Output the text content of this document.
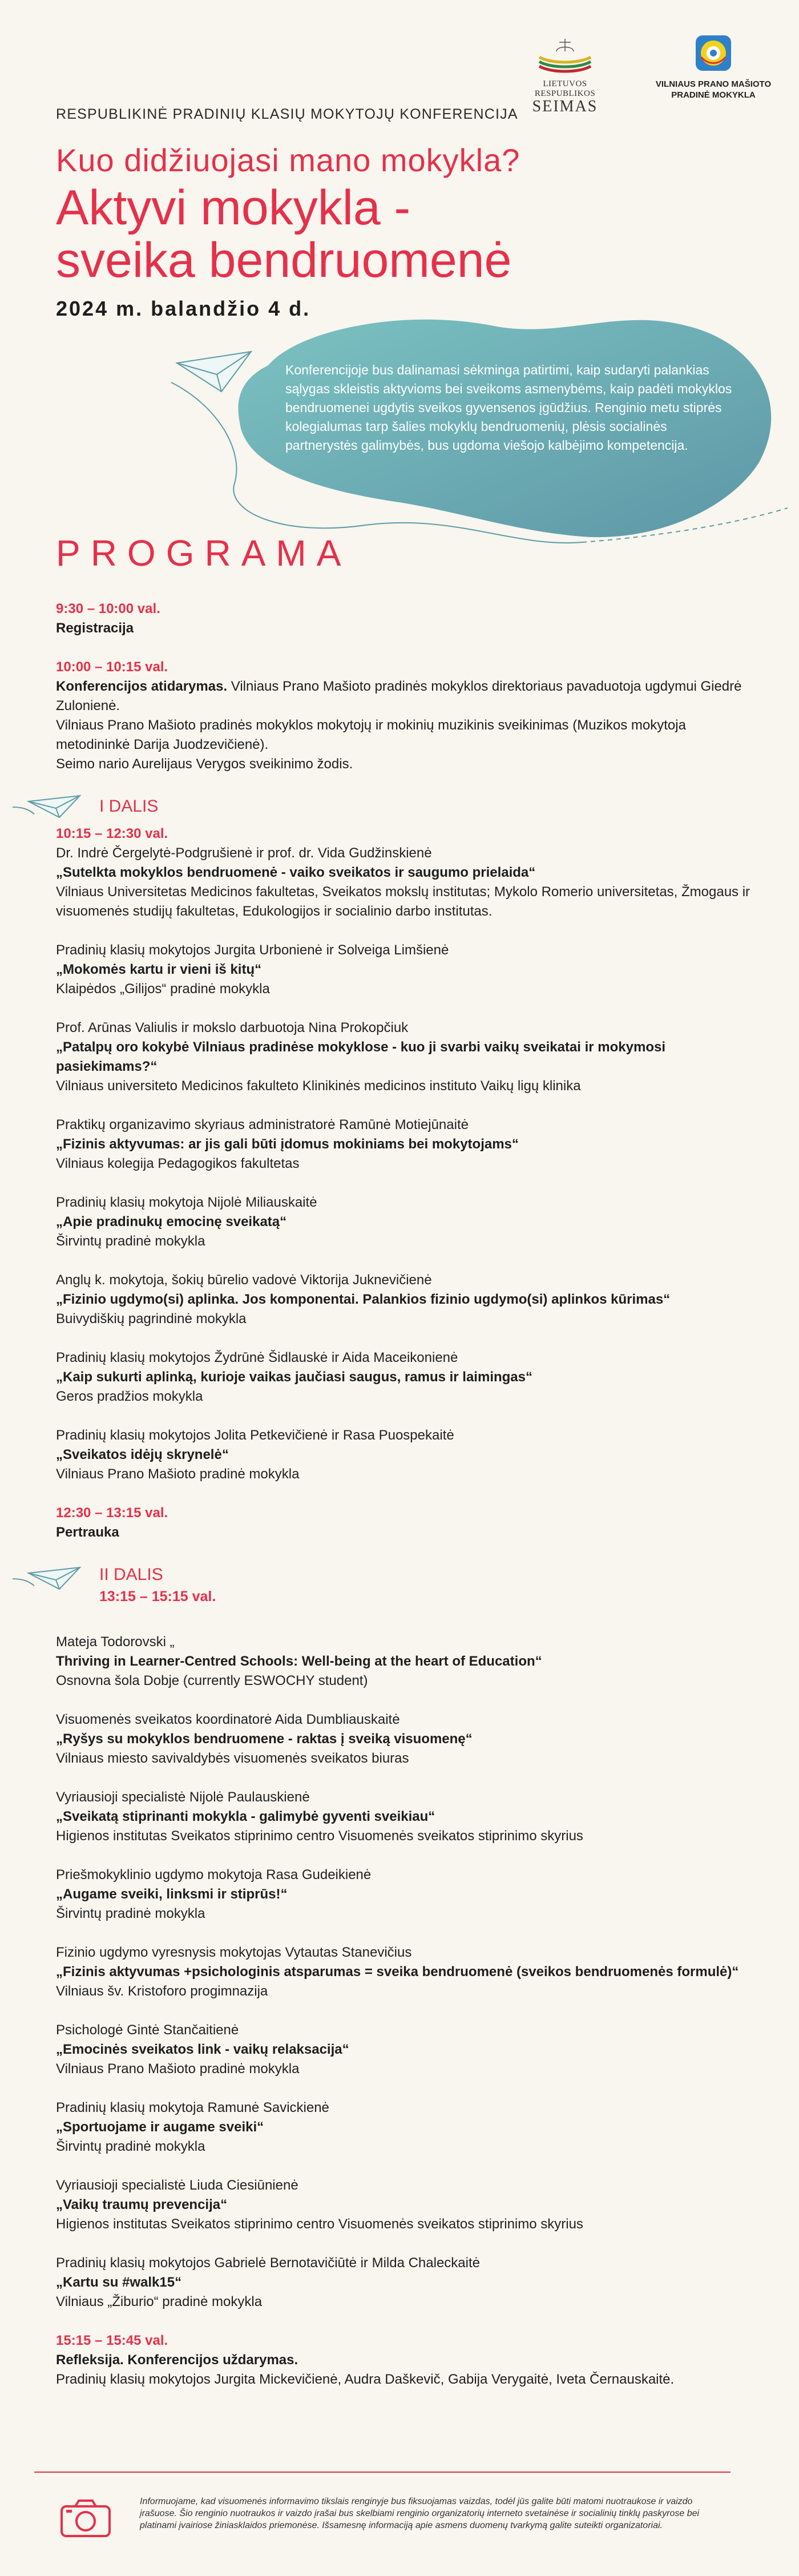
RESPUBLIKINĖ PRADINIŲ KLASIŲ MOKYTOJŲ KONFERENCIJA
LIETUVOS RESPUBLIKOS
SEIMAS
VILNIAUS PRANO MAŠIOTO
PRADINĖ MOKYKLA
Kuo didžiuojasi mano mokykla?
Aktyvi mokykla -
sveika bendruomenė
2024 m. balandžio 4 d.
Konferencijoje bus dalinamasi sėkminga patirtimi, kaip sudaryti palankias sąlygas skleistis aktyvioms bei sveikoms asmenybėms, kaip padėti mokyklos bendruomenei ugdytis sveikos gyvensenos įgūdžius. Renginio metu stiprės kolegialumas tarp šalies mokyklų bendruomenių, plėsis socialinės partnerystės galimybės, bus ugdoma viešojo kalbėjimo kompetencija.
PROGRAMA

9:30 – 10:00 val.

Registracija

10:00 – 10:15 val.

Konferencijos atidarymas. Vilniaus Prano Mašioto pradinės mokyklos direktoriaus pavaduotoja ugdymui Giedrė Zulonienė.

Vilniaus Prano Mašioto pradinės mokyklos mokytojų ir mokinių muzikinis sveikinimas (Muzikos mokytoja metodininkė Darija Juodzevičienė).

Seimo nario Aurelijaus Verygos sveikinimo žodis.

I DALIS

10:15 – 12:30 val.

Dr. Indrė Čergelytė-Podgrušienė ir prof. dr. Vida Gudžinskienė

„Sutelkta mokyklos bendruomenė - vaiko sveikatos ir saugumo prielaida“

Vilniaus Universitetas Medicinos fakultetas, Sveikatos mokslų institutas; Mykolo Romerio universitetas, Žmogaus ir visuomenės studijų fakultetas, Edukologijos ir socialinio darbo institutas.

Pradinių klasių mokytojos Jurgita Urbonienė ir Solveiga Limšienė

„Mokomės kartu ir vieni iš kitų“

Klaipėdos „Gilijos“ pradinė mokykla

Prof. Arūnas Valiulis ir mokslo darbuotoja Nina Prokopčiuk

„Patalpų oro kokybė Vilniaus pradinėse mokyklose - kuo ji svarbi vaikų sveikatai ir mokymosi pasiekimams?“

Vilniaus universiteto Medicinos fakulteto Klinikinės medicinos instituto Vaikų ligų klinika

Praktikų organizavimo skyriaus administratorė Ramūnė Motiejūnaitė

„Fizinis aktyvumas: ar jis gali būti įdomus mokiniams bei mokytojams“

Vilniaus kolegija Pedagogikos fakultetas

Pradinių klasių mokytoja Nijolė Miliauskaitė

„Apie pradinukų emocinę sveikatą“

Širvintų pradinė mokykla

Anglų k. mokytoja, šokių būrelio vadovė Viktorija Juknevičienė

„Fizinio ugdymo(si) aplinka. Jos komponentai. Palankios fizinio ugdymo(si) aplinkos kūrimas“

Buivydiškių pagrindinė mokykla

Pradinių klasių mokytojos Žydrūnė Šidlauskė ir Aida Maceikonienė

„Kaip sukurti aplinką, kurioje vaikas jaučiasi saugus, ramus ir laimingas“

Geros pradžios mokykla

Pradinių klasių mokytojos Jolita Petkevičienė ir Rasa Puospekaitė

„Sveikatos idėjų skrynelė“

Vilniaus Prano Mašioto pradinė mokykla

12:30 – 13:15 val.

Pertrauka

II DALIS
13:15 – 15:15 val.

Mateja Todorovski „

Thriving in Learner-Centred Schools: Well-being at the heart of Education“

Osnovna šola Dobje (currently ESWOCHY student)

Visuomenės sveikatos koordinatorė Aida Dumbliauskaitė

„Ryšys su mokyklos bendruomene - raktas į sveiką visuomenę“

Vilniaus miesto savivaldybės visuomenės sveikatos biuras

Vyriausioji specialistė Nijolė Paulauskienė

„Sveikatą stiprinanti mokykla - galimybė gyventi sveikiau“

Higienos institutas Sveikatos stiprinimo centro Visuomenės sveikatos stiprinimo skyrius

Priešmokyklinio ugdymo mokytoja Rasa Gudeikienė

„Augame sveiki, linksmi ir stiprūs!“

Širvintų pradinė mokykla

Fizinio ugdymo vyresnysis mokytojas Vytautas Stanevičius

„Fizinis aktyvumas +psichologinis atsparumas = sveika bendruomenė (sveikos bendruomenės formulė)“

Vilniaus šv. Kristoforo progimnazija

Psichologė Gintė Stančaitienė

„Emocinės sveikatos link - vaikų relaksacija“

Vilniaus Prano Mašioto pradinė mokykla

Pradinių klasių mokytoja Ramunė Savickienė

„Sportuojame ir augame sveiki“

Širvintų pradinė mokykla

Vyriausioji specialistė Liuda Ciesiūnienė

„Vaikų traumų prevencija“

Higienos institutas Sveikatos stiprinimo centro Visuomenės sveikatos stiprinimo skyrius

Pradinių klasių mokytojos Gabrielė Bernotavičiūtė ir Milda Chaleckaitė

„Kartu su #walk15“

Vilniaus „Žiburio“ pradinė mokykla

15:15 – 15:45 val.

Refleksija. Konferencijos uždarymas.

Pradinių klasių mokytojos Jurgita Mickevičienė, Audra Daškevič, Gabija Verygaitė, Iveta Černauskaitė.

Informuojame, kad visuomenės informavimo tikslais renginyje bus fiksuojamas vaizdas, todėl jūs galite būti matomi nuotraukose ir vaizdo įrašuose. Šio renginio nuotraukos ir vaizdo įrašai bus skelbiami renginio organizatorių interneto svetainėse ir socialinių tinklų paskyrose bei platinami įvairiose žiniasklaidos priemonėse. Išsamesnę informaciją apie asmens duomenų tvarkymą galite suteikti organizatoriai.
